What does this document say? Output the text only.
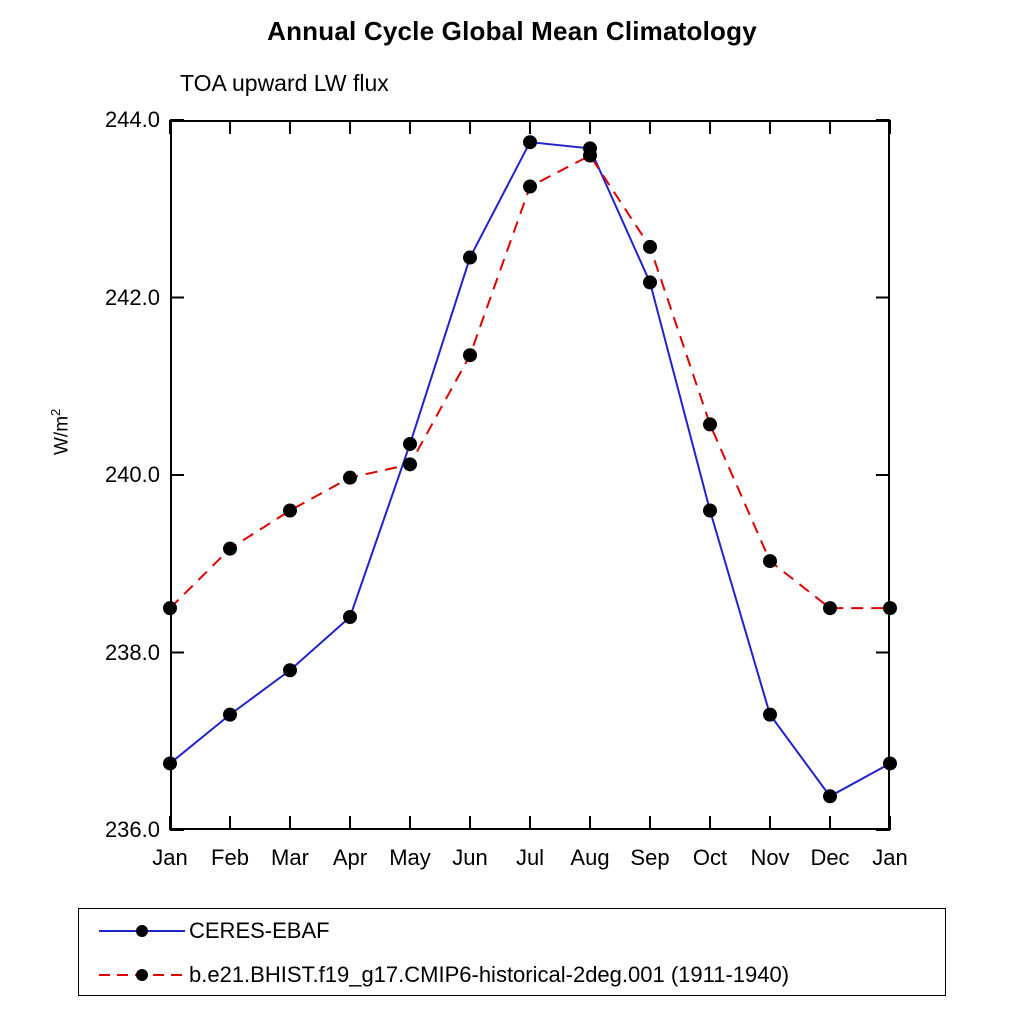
Annual Cycle Global Mean Climatology
TOA upward LW flux
$W/m^2$
236.0
238.0
240.0
242.0
244.0
Jan Feb Mar Apr May Jun Jul Aug Sep Oct Nov Dec Jan
CERES-EBAF
b.e21.BHIST.f19_g17.CMIP6-historical-2deg.001 (1911-1940)
